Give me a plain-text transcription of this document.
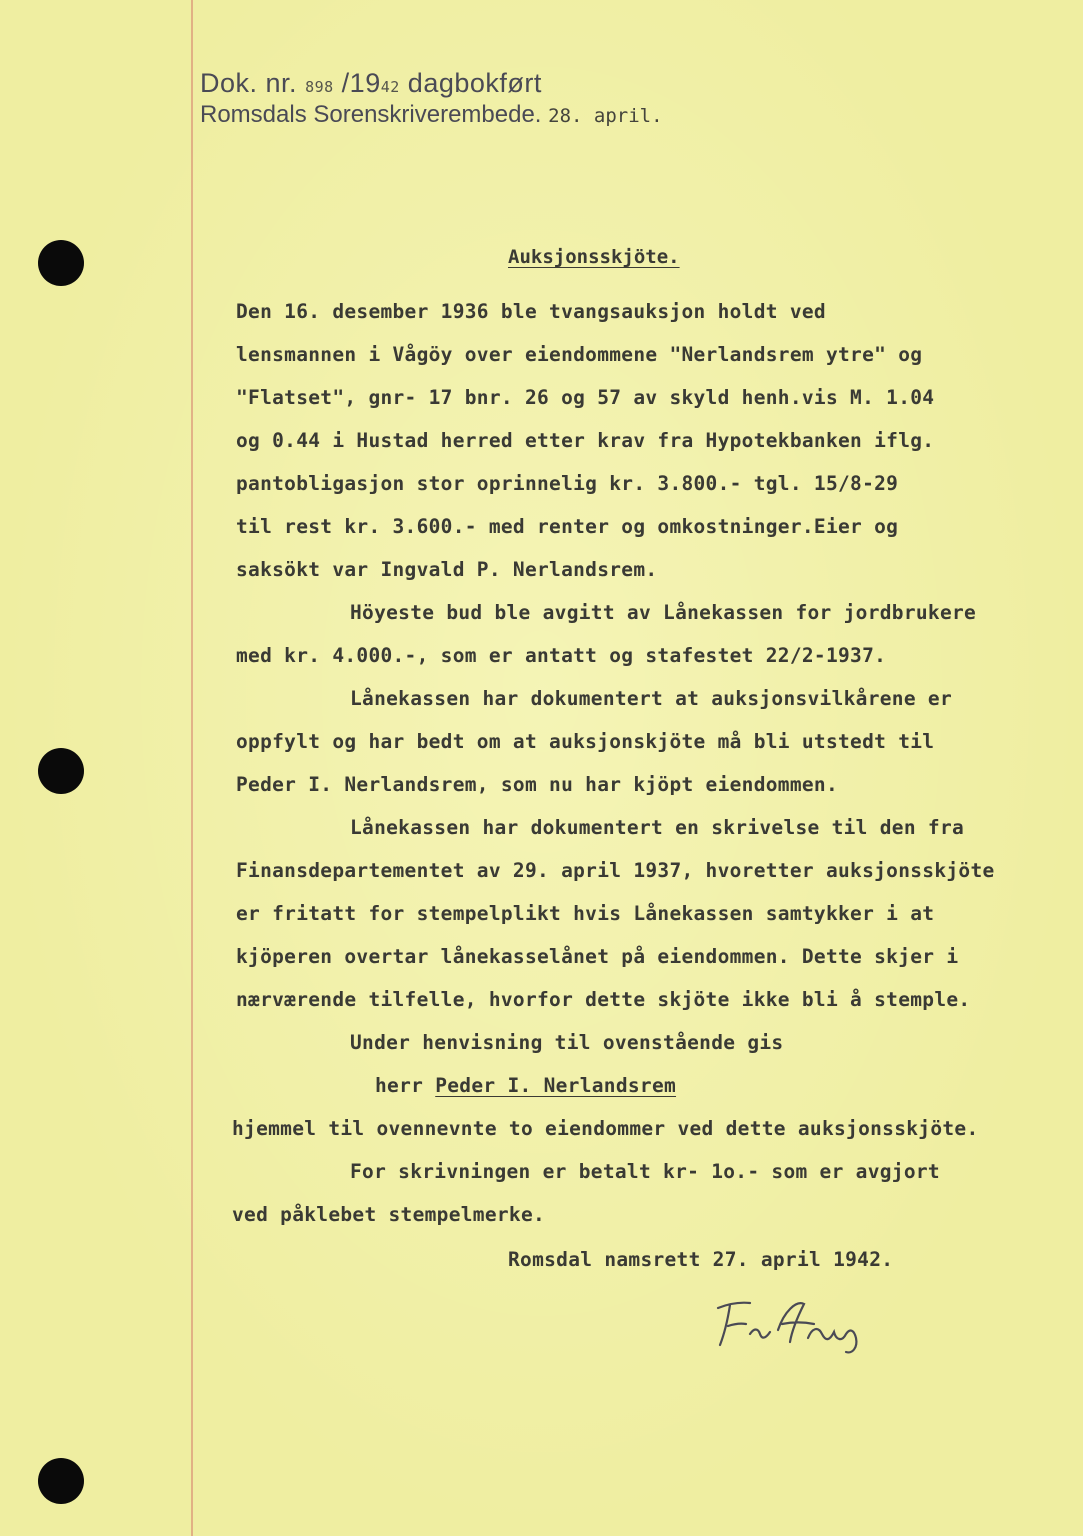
Dok. nr. 898 /1942 dagbokført
Romsdals Sorenskriverembede. 28. april.
Auksjonsskjöte.
Den 16. desember 1936 ble tvangsauksjon holdt ved
lensmannen i Vågöy over eiendommene "Nerlandsrem ytre" og
"Flatset", gnr- 17 bnr. 26 og 57 av skyld henh.vis M. 1.04
og 0.44 i Hustad herred etter krav fra Hypotekbanken iflg.
pantobligasjon stor oprinnelig kr. 3.800.- tgl. 15/8-29
til rest kr. 3.600.- med renter og omkostninger.Eier og
saksökt var Ingvald P. Nerlandsrem.
Höyeste bud ble avgitt av Lånekassen for jordbrukere
med kr. 4.000.-, som er antatt og stafestet 22/2-1937.
Lånekassen har dokumentert at auksjonsvilkårene er
oppfylt og har bedt om at auksjonskjöte må bli utstedt til
Peder I. Nerlandsrem, som nu har kjöpt eiendommen.
Lånekassen har dokumentert en skrivelse til den fra
Finansdepartementet av 29. april 1937, hvoretter auksjonsskjöte
er fritatt for stempelplikt hvis Lånekassen samtykker i at
kjöperen overtar lånekasselånet på eiendommen. Dette skjer i
nærværende tilfelle, hvorfor dette skjöte ikke bli å stemple.
Under henvisning til ovenstående gis
herr Peder I. Nerlandsrem
hjemmel til ovennevnte to eiendommer ved dette auksjonsskjöte.
For skrivningen er betalt kr- 1o.- som er avgjort
ved påklebet stempelmerke.
Romsdal namsrett 27. april 1942.
